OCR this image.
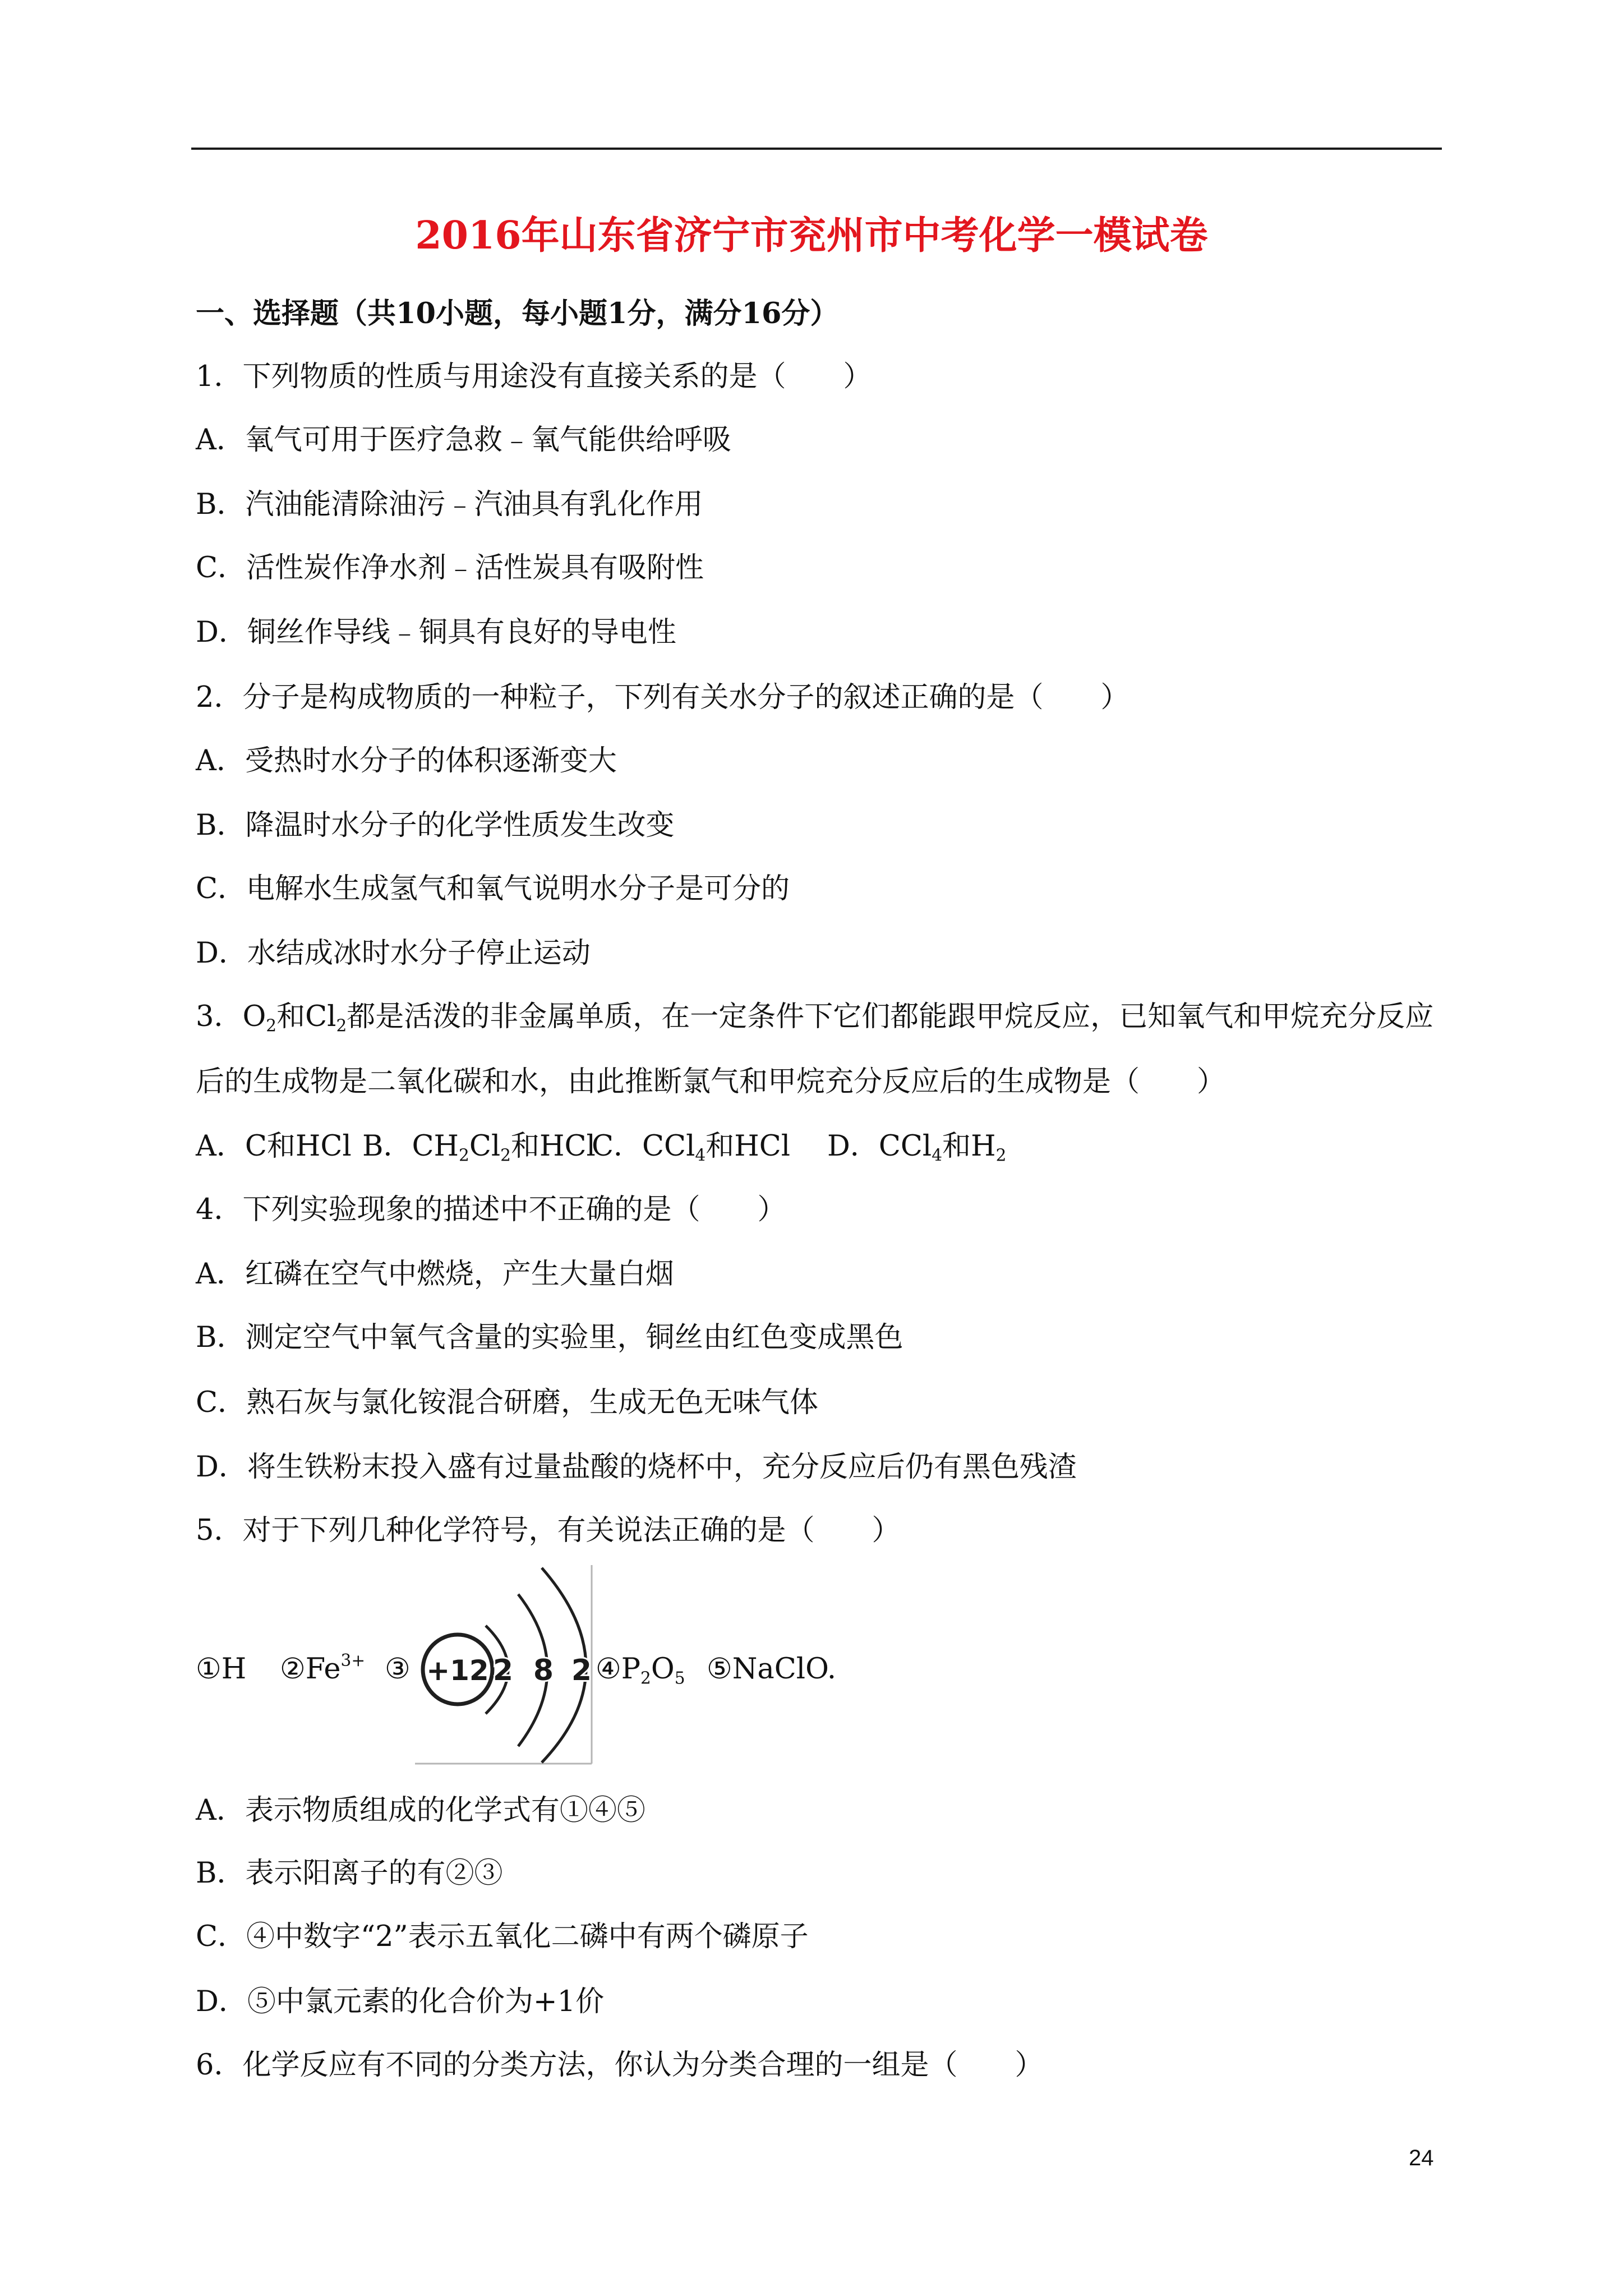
2016年山东省济宁市兖州市中考化学一模试卷
一、选择题（共10小题，每小题1分，满分16分）
1．下列物质的性质与用途没有直接关系的是（　　）
A．氧气可用于医疗急救﹣氧气能供给呼吸
B．汽油能清除油污﹣汽油具有乳化作用
C．活性炭作净水剂﹣活性炭具有吸附性
D．铜丝作导线﹣铜具有良好的导电性
2．分子是构成物质的一种粒子，下列有关水分子的叙述正确的是（　　）
A．受热时水分子的体积逐渐变大
B．降温时水分子的化学性质发生改变
C．电解水生成氢气和氧气说明水分子是可分的
D．水结成冰时水分子停止运动
3．$O_2$和$Cl_2$都是活泼的非金属单质，在一定条件下它们都能跟甲烷反应，已知氧气和甲烷充分反应
后的生成物是二氧化碳和水，由此推断氯气和甲烷充分反应后的生成物是（　　）
A．C和HCl B．$CH_2Cl_2$和HCl
C．CCl$_4$和HCl D．CCl$_4$和$H_2$
4．下列实验现象的描述中不正确的是（　　）
A．红磷在空气中燃烧，产生大量白烟
B．测定空气中氧气含量的实验里，铜丝由红色变成黑色
C．熟石灰与氯化铵混合研磨，生成无色无味气体
D．将生铁粉末投入盛有过量盐酸的烧杯中，充分反应后仍有黑色残渣
5．对于下列几种化学符号，有关说法正确的是（　　）
①H $②Fe^{3+}$ ③ +12 2 8 2 $④P_2O_5$ ⑤NaClO.
A．表示物质组成的化学式有①④⑤
B．表示阳离子的有②③
C．④中数字“2”表示五氧化二磷中有两个磷原子
D．⑤中氯元素的化合价为+1价
6．化学反应有不同的分类方法，你认为分类合理的一组是（　　）
24
